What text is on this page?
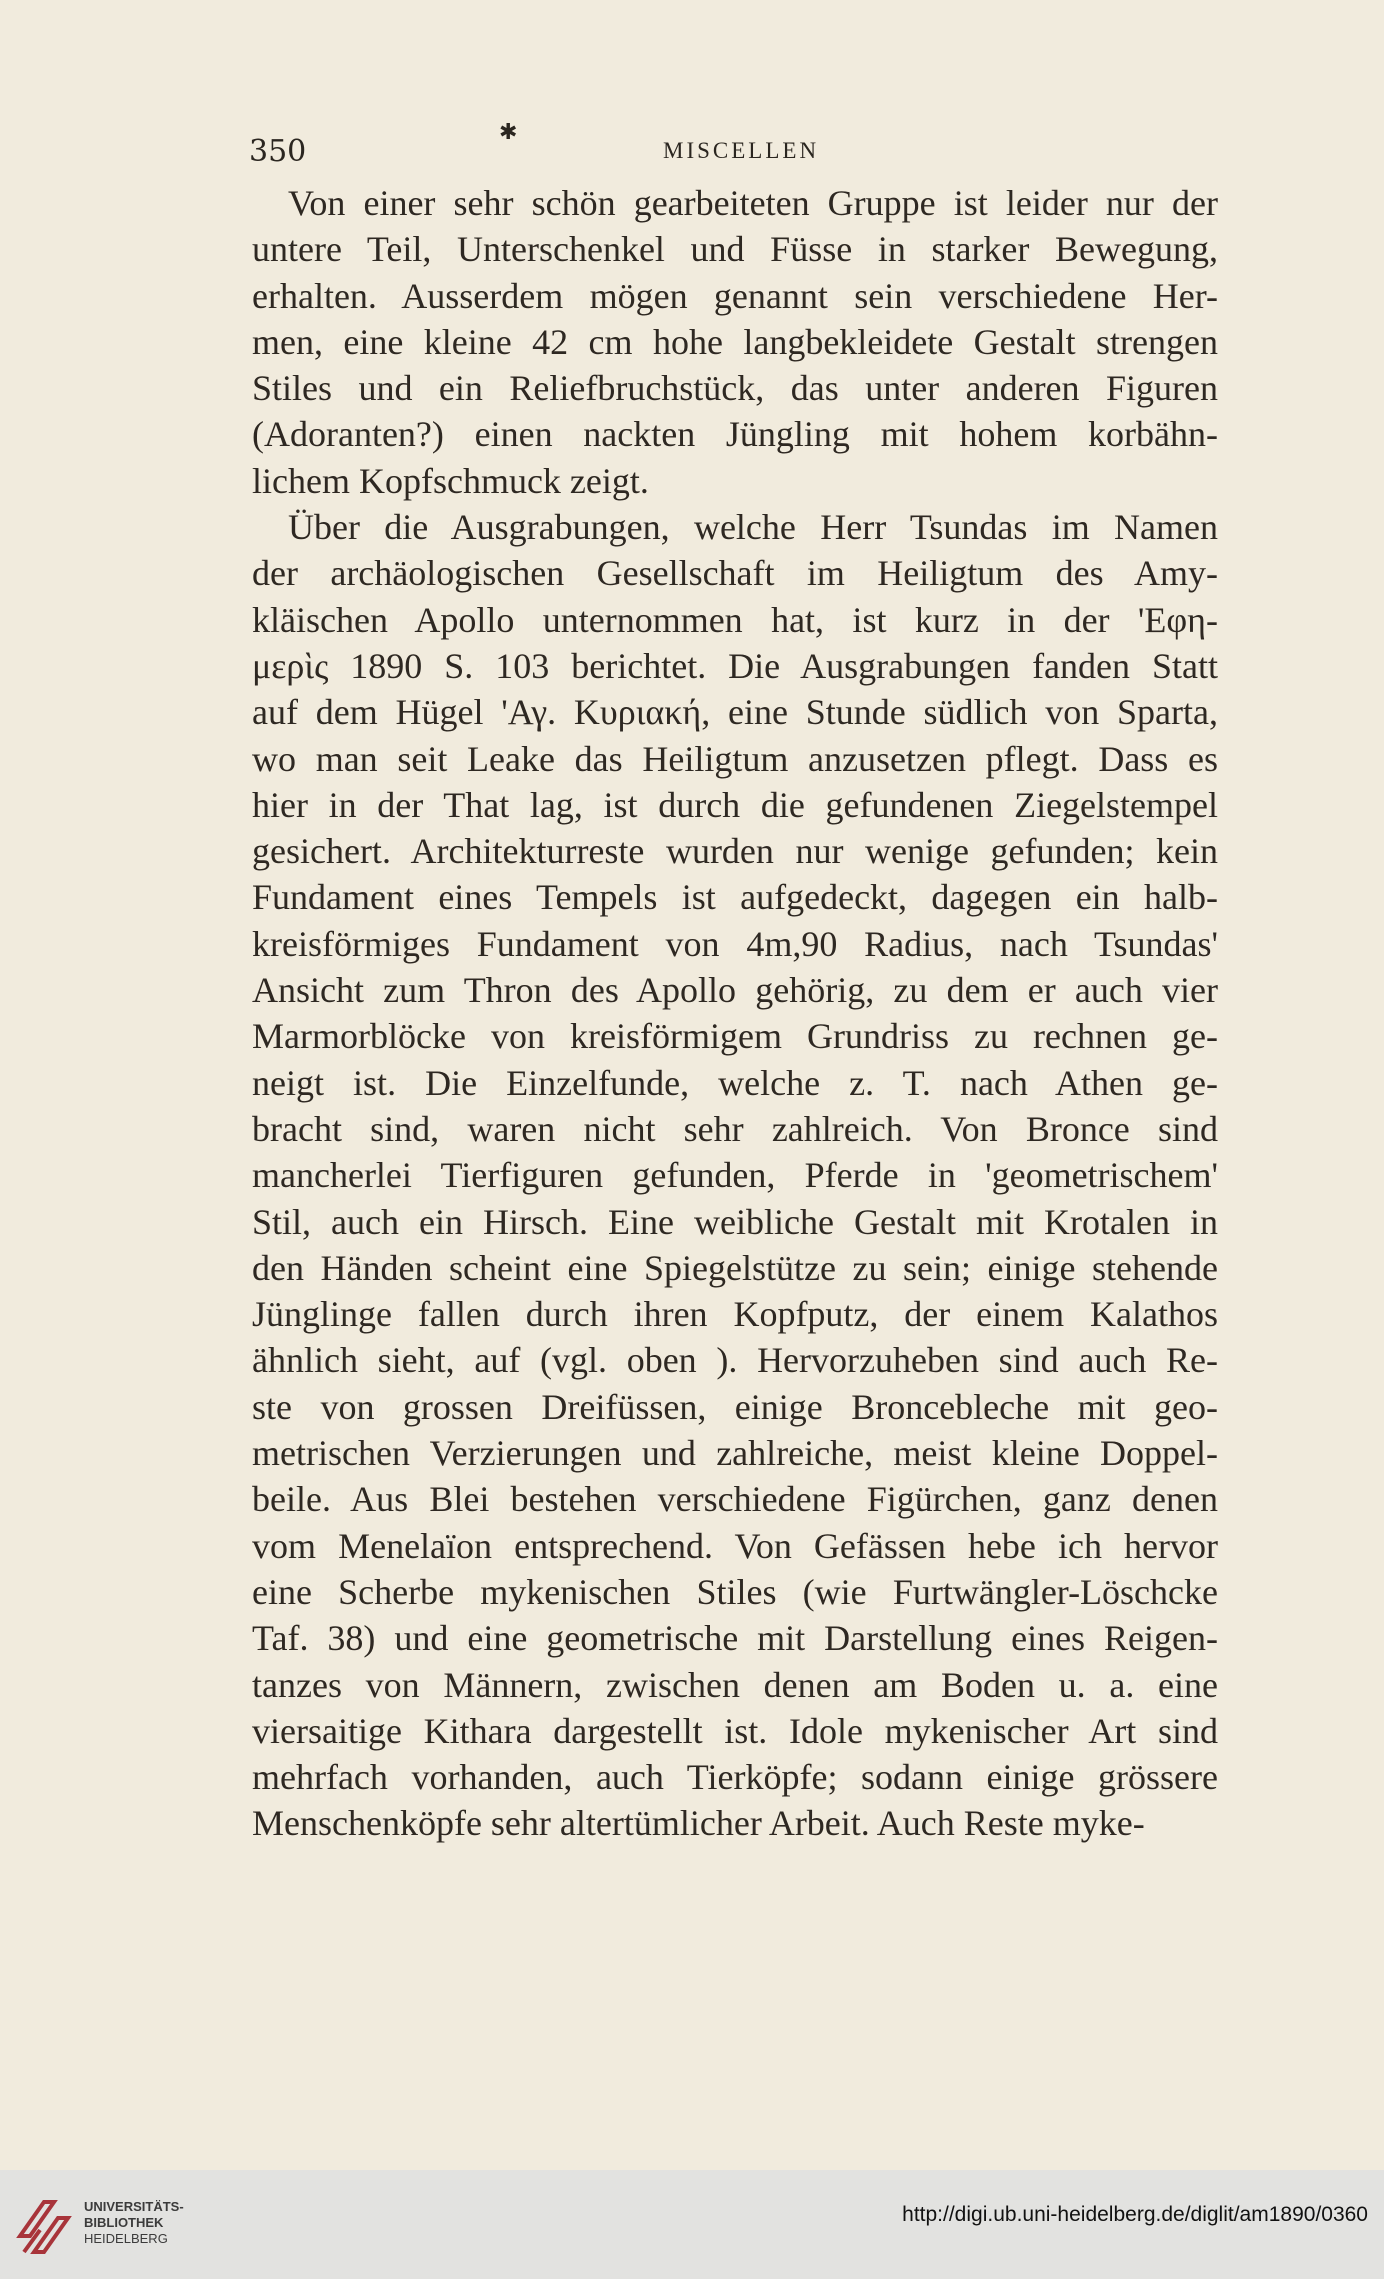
350
✱
MISCELLEN
Von einer sehr schön gearbeiteten Gruppe ist leider nur der
untere Teil, Unterschenkel und Füsse in starker Bewegung,
erhalten. Ausserdem mögen genannt sein verschiedene Her-
men, eine kleine 42 cm hohe langbekleidete Gestalt strengen
Stiles und ein Reliefbruchstück, das unter anderen Figuren
(Adoranten?) einen nackten Jüngling mit hohem korbähn-
lichem Kopfschmuck zeigt.
Über die Ausgrabungen, welche Herr Tsundas im Namen
der archäologischen Gesellschaft im Heiligtum des Amy-
kläischen Apollo unternommen hat, ist kurz in der 'Εφη-
μερὶς 1890 S. 103 berichtet. Die Ausgrabungen fanden Statt
auf dem Hügel 'Αγ. Κυριακή, eine Stunde südlich von Sparta,
wo man seit Leake das Heiligtum anzusetzen pflegt. Dass es
hier in der That lag, ist durch die gefundenen Ziegelstempel
gesichert. Architekturreste wurden nur wenige gefunden; kein
Fundament eines Tempels ist aufgedeckt, dagegen ein halb-
kreisförmiges Fundament von 4m,90 Radius, nach Tsundas'
Ansicht zum Thron des Apollo gehörig, zu dem er auch vier
Marmorblöcke von kreisförmigem Grundriss zu rechnen ge-
neigt ist. Die Einzelfunde, welche z. T. nach Athen ge-
bracht sind, waren nicht sehr zahlreich. Von Bronce sind
mancherlei Tierfiguren gefunden, Pferde in 'geometrischem'
Stil, auch ein Hirsch. Eine weibliche Gestalt mit Krotalen in
den Händen scheint eine Spiegelstütze zu sein; einige stehende
Jünglinge fallen durch ihren Kopfputz, der einem Kalathos
ähnlich sieht, auf (vgl. oben ). Hervorzuheben sind auch Re-
ste von grossen Dreifüssen, einige Broncebleche mit geo-
metrischen Verzierungen und zahlreiche, meist kleine Doppel-
beile. Aus Blei bestehen verschiedene Figürchen, ganz denen
vom Menelaïon entsprechend. Von Gefässen hebe ich hervor
eine Scherbe mykenischen Stiles (wie Furtwängler-Löschcke
Taf. 38) und eine geometrische mit Darstellung eines Reigen-
tanzes von Männern, zwischen denen am Boden u. a. eine
viersaitige Kithara dargestellt ist. Idole mykenischer Art sind
mehrfach vorhanden, auch Tierköpfe; sodann einige grössere
Menschenköpfe sehr altertümlicher Arbeit. Auch Reste myke-
UNIVERSITÄTS-
BIBLIOTHEK
HEIDELBERG
http://digi.ub.uni-heidelberg.de/diglit/am1890/0360
